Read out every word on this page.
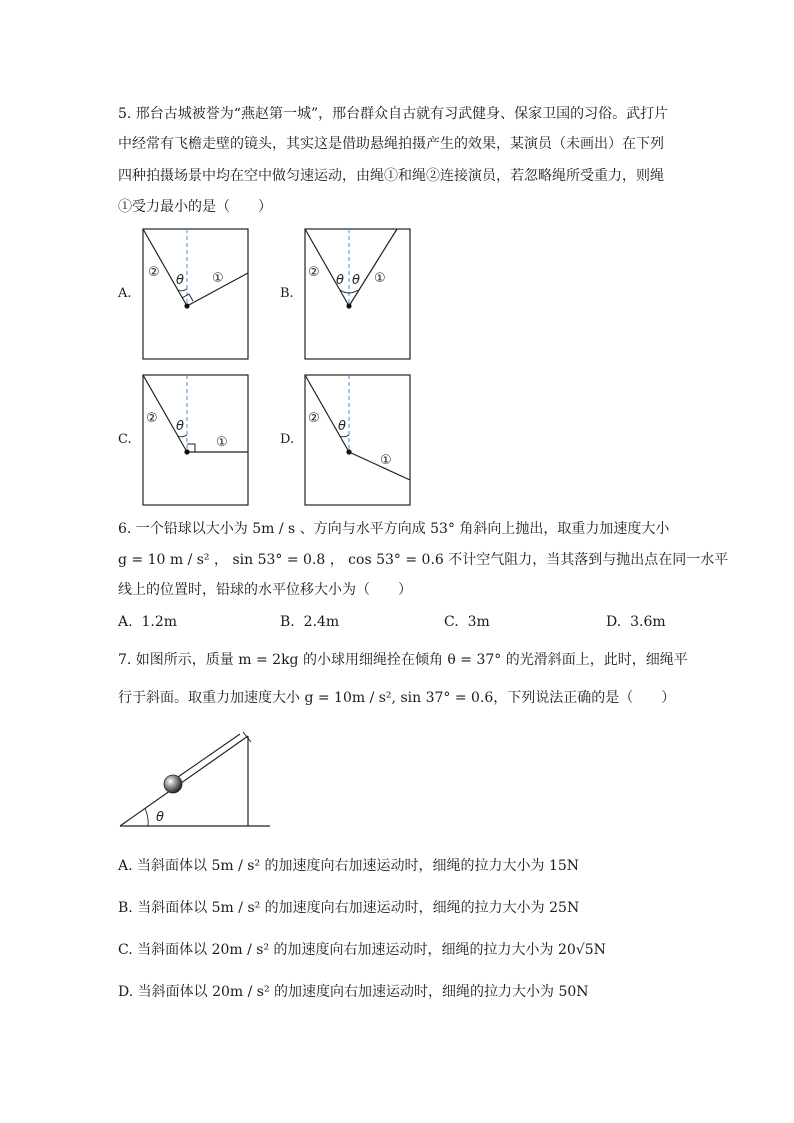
5. 邢台古城被誉为“燕赵第一城”，邢台群众自古就有习武健身、保家卫国的习俗。武打片
中经常有飞檐走壁的镜头，其实这是借助悬绳拍摄产生的效果，某演员（未画出）在下列
四种拍摄场景中均在空中做匀速运动，由绳①和绳②连接演员，若忽略绳所受重力，则绳
①受力最小的是（　　）
A.	B.
C.	D.
②
θ ①	②
θ θ ①
②
θ
①
②
θ
①
6. 一个铅球以大小为 5m / s 、方向与水平方向成 53° 角斜向上抛出，取重力加速度大小
g = 10 m / s² ， sin 53° = 0.8 ， cos 53° = 0.6 不计空气阻力，当其落到与抛出点在同一水平
线上的位置时，铅球的水平位移大小为（　　）
A. 1.2m	B. 2.4m	C. 3m	D. 3.6m
7. 如图所示，质量 m = 2kg 的小球用细绳拴在倾角 θ = 37° 的光滑斜面上，此时，细绳平
行于斜面。取重力加速度大小 g = 10m / s², sin 37° = 0.6，下列说法正确的是（　　）
θ
A. 当斜面体以 5m / s² 的加速度向右加速运动时，细绳的拉力大小为 15N
B. 当斜面体以 5m / s² 的加速度向右加速运动时，细绳的拉力大小为 25N
C. 当斜面体以 20m / s² 的加速度向右加速运动时，细绳的拉力大小为 20√5N
D. 当斜面体以 20m / s² 的加速度向右加速运动时，细绳的拉力大小为 50N
